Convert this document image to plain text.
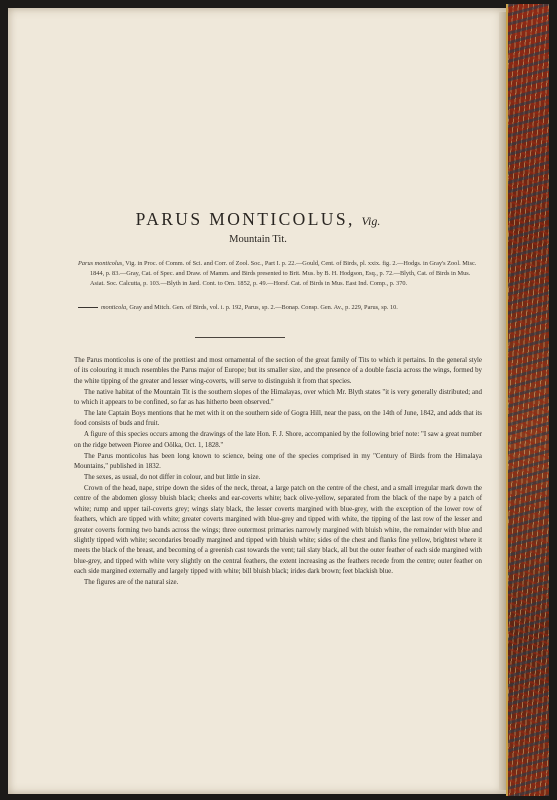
PARUS MONTICOLUS, Vig.
Mountain Tit.
Parus monticolus, Vig. in Proc. of Comm. of Sci. and Corr. of Zool. Soc., Part I. p. 22.—Gould, Cent. of Birds, pl. xxix. fig. 2.—Hodgs. in Gray's Zool. Misc. 1844, p. 83.—Gray, Cat. of Spec. and Draw. of Mamm. and Birds presented to Brit. Mus. by B. H. Hodgson, Esq., p. 72.—Blyth, Cat. of Birds in Mus. Asiat. Soc. Calcutta, p. 103.—Blyth in Jard. Cont. to Orn. 1852, p. 49.—Horsf. Cat. of Birds in Mus. East Ind. Comp., p. 370.
monticola, Gray and Mitch. Gen. of Birds, vol. i. p. 192, Parus, sp. 2.—Bonap. Consp. Gen. Av., p. 229, Parus, sp. 10.

The Parus monticolus is one of the prettiest and most ornamental of the section of the great family of Tits to which it pertains. In the general style of its colouring it much resembles the Parus major of Europe; but its smaller size, and the presence of a double fascia across the wings, formed by the white tipping of the greater and lesser wing-coverts, will serve to distinguish it from that species.

The native habitat of the Mountain Tit is the southern slopes of the Himalayas, over which Mr. Blyth states "it is very generally distributed; and to which it appears to be confined, so far as has hitherto been observed."

The late Captain Boys mentions that he met with it on the southern side of Gogra Hill, near the pass, on the 14th of June, 1842, and adds that its food consists of buds and fruit.

A figure of this species occurs among the drawings of the late Hon. F. J. Shore, accompanied by the following brief note: "I saw a great number on the ridge between Pioree and Oölka, Oct. 1, 1828."

The Parus monticolus has been long known to science, being one of the species comprised in my "Century of Birds from the Himalaya Mountains," published in 1832.

The sexes, as usual, do not differ in colour, and but little in size.

Crown of the head, nape, stripe down the sides of the neck, throat, a large patch on the centre of the chest, and a small irregular mark down the centre of the abdomen glossy bluish black; cheeks and ear-coverts white; back olive-yellow, separated from the black of the nape by a patch of white; rump and upper tail-coverts grey; wings slaty black, the lesser coverts margined with blue-grey, with the exception of the lower row of feathers, which are tipped with white; greater coverts margined with blue-grey and tipped with white, the tipping of the last row of the lesser and greater coverts forming two bands across the wings; three outermost primaries narrowly margined with bluish white, the remainder with blue and slightly tipped with white; secondaries broadly margined and tipped with bluish white; sides of the chest and flanks fine yellow, brightest where it meets the black of the breast, and becoming of a greenish cast towards the vent; tail slaty black, all but the outer feather of each side margined with blue-grey, and tipped with white very slightly on the central feathers, the extent increasing as the feathers recede from the centre; outer feather on each side margined externally and largely tipped with white; bill bluish black; irides dark brown; feet blackish blue.

The figures are of the natural size.
